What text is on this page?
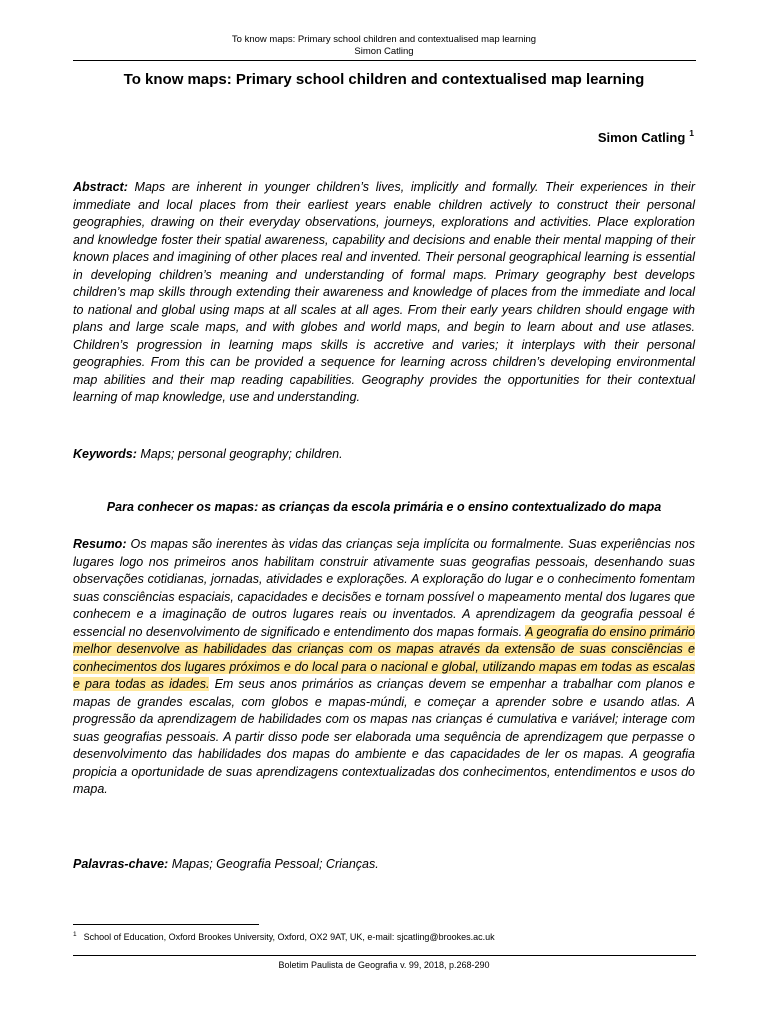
To know maps: Primary school children and contextualised map learning
Simon Catling
To know maps: Primary school children and contextualised map learning
Simon Catling $^1$
Abstract: Maps are inherent in younger children’s lives, implicitly and formally. Their experiences in their immediate and local places from their earliest years enable children actively to construct their personal geographies, drawing on their everyday observations, journeys, explorations and activities. Place exploration and knowledge foster their spatial awareness, capability and decisions and enable their mental mapping of their known places and imagining of other places real and invented. Their personal geographical learning is essential in developing children’s meaning and understanding of formal maps. Primary geography best develops children’s map skills through extending their awareness and knowledge of places from the immediate and local to national and global using maps at all scales at all ages. From their early years children should engage with plans and large scale maps, and with globes and world maps, and begin to learn about and use atlases. Children’s progression in learning maps skills is accretive and varies; it interplays with their personal geographies. From this can be provided a sequence for learning across children’s developing environmental map abilities and their map reading capabilities. Geography provides the opportunities for their contextual learning of map knowledge, use and understanding.
Keywords: Maps; personal geography; children.
Para conhecer os mapas: as crianças da escola primária e o ensino contextualizado do mapa
Resumo: Os mapas são inerentes às vidas das crianças seja implícita ou formalmente. Suas experiências nos lugares logo nos primeiros anos habilitam construir ativamente suas geografias pessoais, desenhando suas observações cotidianas, jornadas, atividades e explorações. A exploração do lugar e o conhecimento fomentam suas consciências espaciais, capacidades e decisões e tornam possível o mapeamento mental dos lugares que conhecem e a imaginação de outros lugares reais ou inventados. A aprendizagem da geografia pessoal é essencial no desenvolvimento de significado e entendimento dos mapas formais. A geografia do ensino primário melhor desenvolve as habilidades das crianças com os mapas através da extensão de suas consciências e conhecimentos dos lugares próximos e do local para o nacional e global, utilizando mapas em todas as escalas e para todas as idades. Em seus anos primários as crianças devem se empenhar a trabalhar com planos e mapas de grandes escalas, com globos e mapas-múndi, e começar a aprender sobre e usando atlas. A progressão da aprendizagem de habilidades com os mapas nas crianças é cumulativa e variável; interage com suas geografias pessoais. A partir disso pode ser elaborada uma sequência de aprendizagem que perpasse o desenvolvimento das habilidades dos mapas do ambiente e das capacidades de ler os mapas. A geografia propicia a oportunidade de suas aprendizagens contextualizadas dos conhecimentos, entendimentos e usos do mapa.
Palavras-chave: Mapas; Geografia Pessoal; Crianças.
$^1$ School of Education, Oxford Brookes University, Oxford, OX2 9AT, UK, e-mail: sjcatling@brookes.ac.uk
Boletim Paulista de Geografia v. 99, 2018, p.268-290
